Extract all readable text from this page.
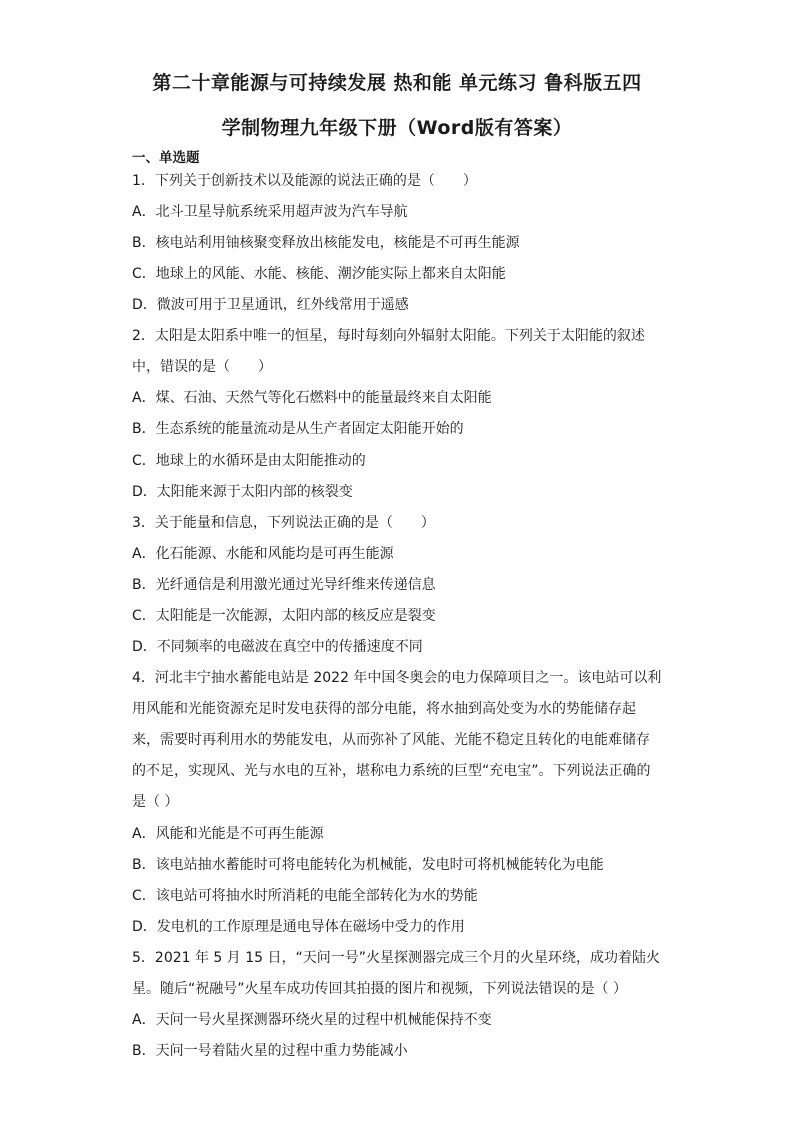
第二十章能源与可持续发展 热和能 单元练习 鲁科版五四
学制物理九年级下册（Word版有答案）
一、单选题
1．下列关于创新技术以及能源的说法正确的是（　　）
A．北斗卫星导航系统采用超声波为汽车导航
B．核电站利用铀核聚变释放出核能发电，核能是不可再生能源
C．地球上的风能、水能、核能、潮汐能实际上都来自太阳能
D．微波可用于卫星通讯，红外线常用于遥感
2．太阳是太阳系中唯一的恒星，每时每刻向外辐射太阳能。下列关于太阳能的叙述
中，错误的是（　　）
A．煤、石油、天然气等化石燃料中的能量最终来自太阳能
B．生态系统的能量流动是从生产者固定太阳能开始的
C．地球上的水循环是由太阳能推动的
D．太阳能来源于太阳内部的核裂变
3．关于能量和信息，下列说法正确的是（　　）
A．化石能源、水能和风能均是可再生能源
B．光纤通信是利用激光通过光导纤维来传递信息
C．太阳能是一次能源，太阳内部的核反应是裂变
D．不同频率的电磁波在真空中的传播速度不同
4．河北丰宁抽水蓄能电站是 2022 年中国冬奥会的电力保障项目之一。该电站可以利
用风能和光能资源充足时发电获得的部分电能，将水抽到高处变为水的势能储存起
来，需要时再利用水的势能发电，从而弥补了风能、光能不稳定且转化的电能难储存
的不足，实现风、光与水电的互补，堪称电力系统的巨型“充电宝”。下列说法正确的
是（ ）
A．风能和光能是不可再生能源
B．该电站抽水蓄能时可将电能转化为机械能，发电时可将机械能转化为电能
C．该电站可将抽水时所消耗的电能全部转化为水的势能
D．发电机的工作原理是通电导体在磁场中受力的作用
5．2021 年 5 月 15 日，“天问一号”火星探测器完成三个月的火星环绕，成功着陆火
星。随后“祝融号”火星车成功传回其拍摄的图片和视频，下列说法错误的是（ ）
A．天问一号火星探测器环绕火星的过程中机械能保持不变
B．天问一号着陆火星的过程中重力势能减小
